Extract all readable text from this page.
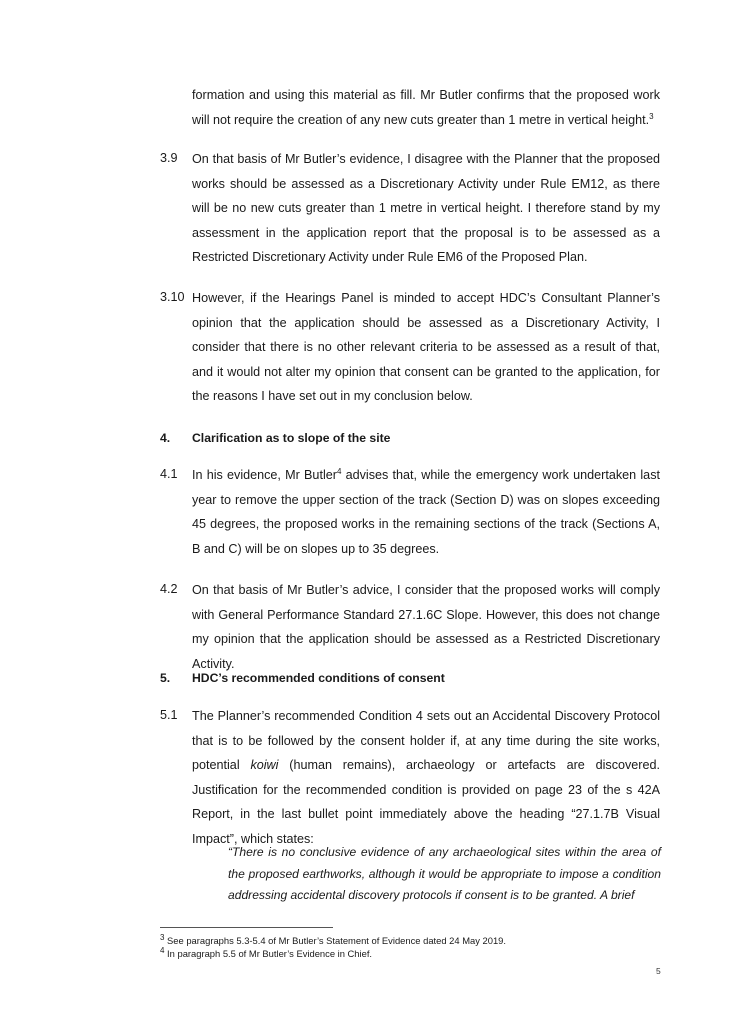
formation and using this material as fill. Mr Butler confirms that the proposed work will not require the creation of any new cuts greater than 1 metre in vertical height.$^3$
3.9 On that basis of Mr Butler’s evidence, I disagree with the Planner that the proposed works should be assessed as a Discretionary Activity under Rule EM12, as there will be no new cuts greater than 1 metre in vertical height. I therefore stand by my assessment in the application report that the proposal is to be assessed as a Restricted Discretionary Activity under Rule EM6 of the Proposed Plan.
3.10 However, if the Hearings Panel is minded to accept HDC’s Consultant Planner’s opinion that the application should be assessed as a Discretionary Activity, I consider that there is no other relevant criteria to be assessed as a result of that, and it would not alter my opinion that consent can be granted to the application, for the reasons I have set out in my conclusion below.
4. Clarification as to slope of the site
4.1 In his evidence, Mr Butler$^4$ advises that, while the emergency work undertaken last year to remove the upper section of the track (Section D) was on slopes exceeding 45 degrees, the proposed works in the remaining sections of the track (Sections A, B and C) will be on slopes up to 35 degrees.
4.2 On that basis of Mr Butler’s advice, I consider that the proposed works will comply with General Performance Standard 27.1.6C Slope. However, this does not change my opinion that the application should be assessed as a Restricted Discretionary Activity.
5. HDC’s recommended conditions of consent
5.1 The Planner’s recommended Condition 4 sets out an Accidental Discovery Protocol that is to be followed by the consent holder if, at any time during the site works, potential koiwi (human remains), archaeology or artefacts are discovered. Justification for the recommended condition is provided on page 23 of the s 42A Report, in the last bullet point immediately above the heading “27.1.7B Visual Impact”, which states:
“There is no conclusive evidence of any archaeological sites within the area of the proposed earthworks, although it would be appropriate to impose a condition addressing accidental discovery protocols if consent is to be granted. A brief
$^3$ See paragraphs 5.3-5.4 of Mr Butler’s Statement of Evidence dated 24 May 2019.
$^4$ In paragraph 5.5 of Mr Butler’s Evidence in Chief.
5
